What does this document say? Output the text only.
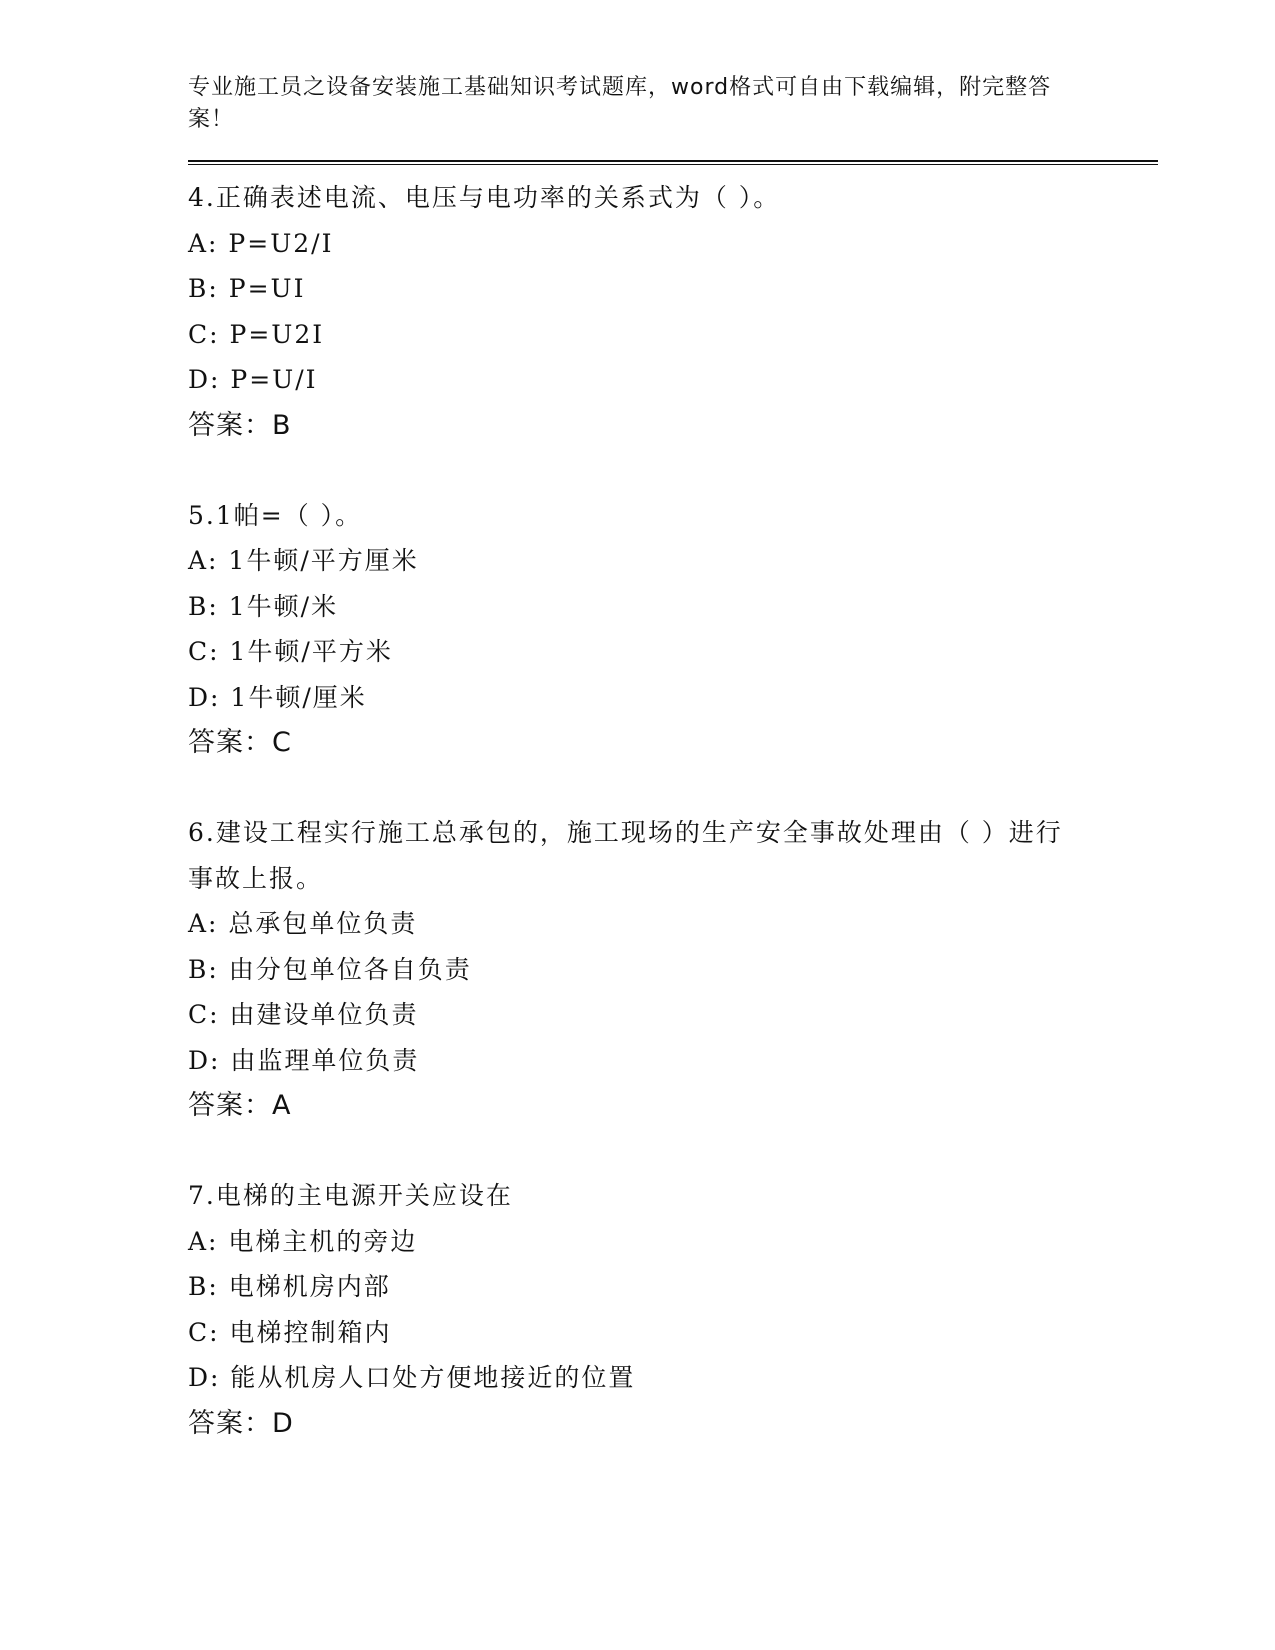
专业施工员之设备安装施工基础知识考试题库，word格式可自由下载编辑，附完整答案！
4.正确表述电流、电压与电功率的关系式为（ ）。
A: P=U2/I
B: P=UI
C: P=U2I
D: P=U/I
答案：B
5.1帕=（ ）。
A: 1牛顿/平方厘米
B: 1牛顿/米
C: 1牛顿/平方米
D: 1牛顿/厘米
答案：C
6.建设工程实行施工总承包的，施工现场的生产安全事故处理由（ ）进行事故上报。
A: 总承包单位负责
B: 由分包单位各自负责
C: 由建设单位负责
D: 由监理单位负责
答案：A
7.电梯的主电源开关应设在
A: 电梯主机的旁边
B: 电梯机房内部
C: 电梯控制箱内
D: 能从机房人口处方便地接近的位置
答案：D
